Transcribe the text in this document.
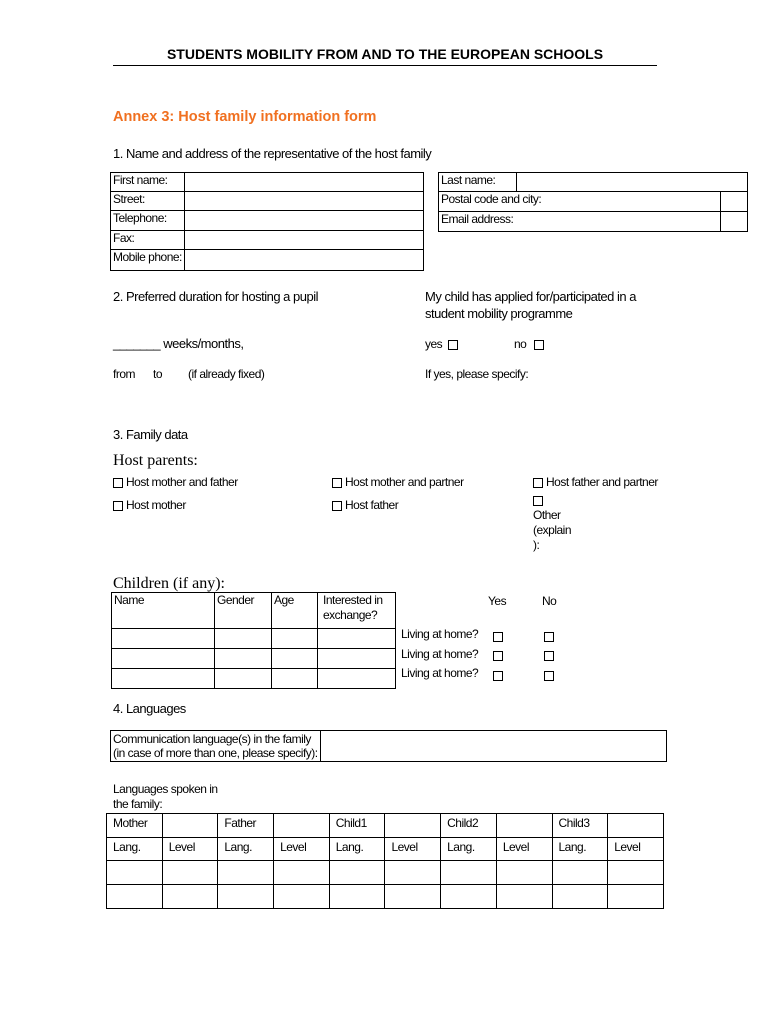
STUDENTS MOBILITY FROM AND TO THE EUROPEAN SCHOOLS
Annex 3: Host family information form
1. Name and address of the representative of the host family
First name:	
Street:	
Telephone:	
Fax:	
Mobile phone:	
Last name:		
Postal code and city:		
Email address:		
2. Preferred duration for hosting a pupil
_______ weeks/months,
from to (if already fixed)
My child has applied for/participated in a
student mobility programme
yes	no
If yes, please specify:
3. Family data
Host parents:
Host mother and father	Host mother and partner	Host father and partner
Host mother	Host father

Other
(explain
):
Children (if any):
Name	Gender	Age	Interested in
exchange?

Yes	No
Living at home?
Living at home?
Living at home?
4. Languages
Communication language(s) in the family
(in case of more than one, please specify):	
Languages spoken in
the family:
Mother		Father		Child1		Child2		Child3	
Lang.	Level	Lang.	Level	Lang.	Level	Lang.	Level	Lang.	Level
